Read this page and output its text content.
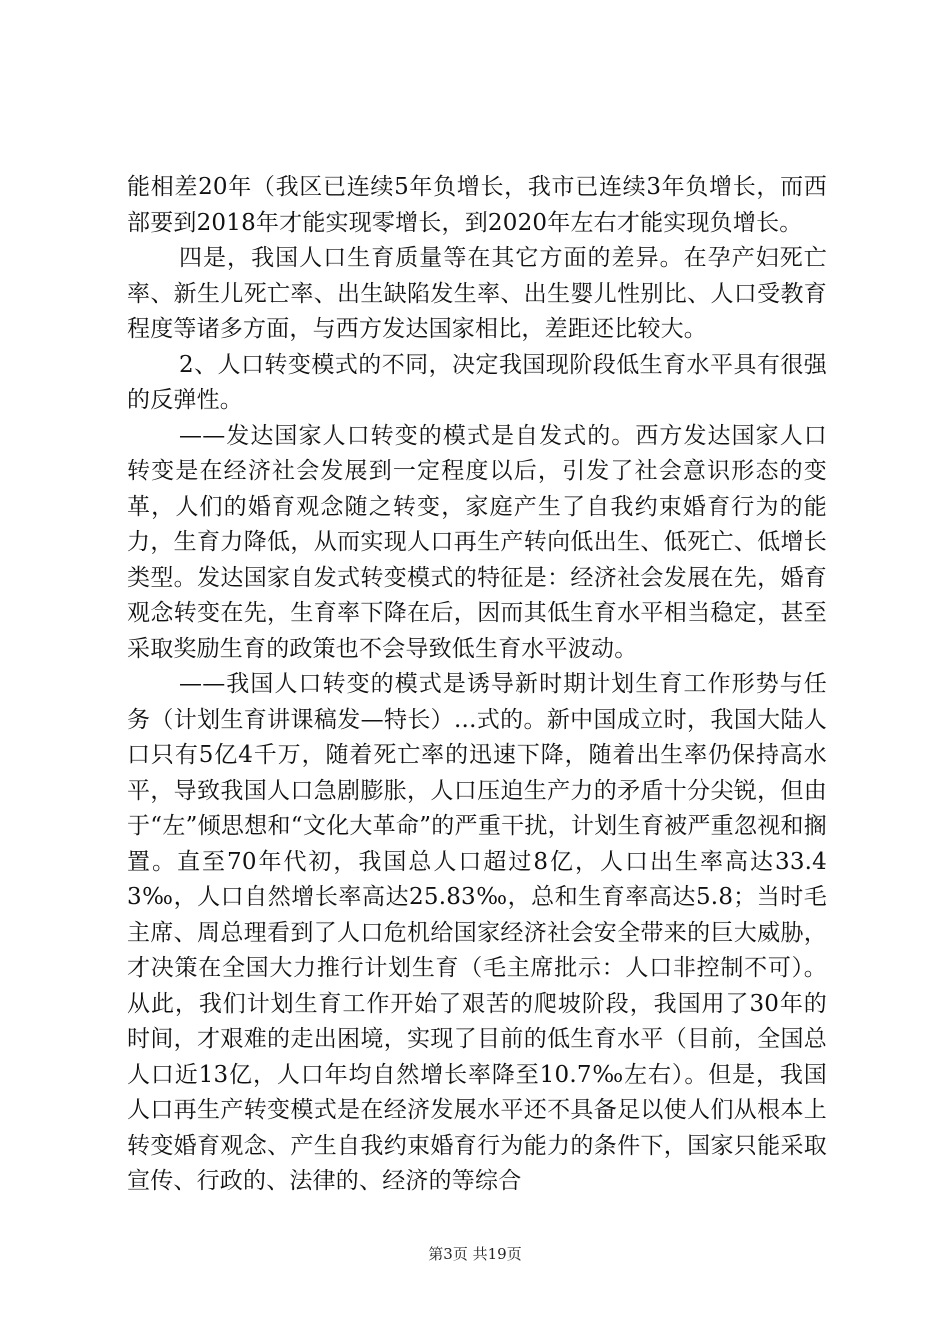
能相差20年（我区已连续5年负增长，我市已连续3年负增长，而西部要到2018年才能实现零增长，到2020年左右才能实现负增长。

四是，我国人口生育质量等在其它方面的差异。在孕产妇死亡率、新生儿死亡率、出生缺陷发生率、出生婴儿性别比、人口受教育程度等诸多方面，与西方发达国家相比，差距还比较大。

2、人口转变模式的不同，决定我国现阶段低生育水平具有很强的反弹性。

——发达国家人口转变的模式是自发式的。西方发达国家人口转变是在经济社会发展到一定程度以后，引发了社会意识形态的变革，人们的婚育观念随之转变，家庭产生了自我约束婚育行为的能力，生育力降低，从而实现人口再生产转向低出生、低死亡、低增长类型。发达国家自发式转变模式的特征是：经济社会发展在先，婚育观念转变在先，生育率下降在后，因而其低生育水平相当稳定，甚至采取奖励生育的政策也不会导致低生育水平波动。

——我国人口转变的模式是诱导新时期计划生育工作形势与任务（计划生育讲课稿发—特长）...式的。新中国成立时，我国大陆人口只有5亿4千万，随着死亡率的迅速下降，随着出生率仍保持高水平，导致我国人口急剧膨胀，人口压迫生产力的矛盾十分尖锐，但由于“左”倾思想和“文化大革命”的严重干扰，计划生育被严重忽视和搁置。直至70年代初，我国总人口超过8亿，人口出生率高达33.43‰，人口自然增长率高达25.83‰，总和生育率高达5.8；当时毛主席、周总理看到了人口危机给国家经济社会安全带来的巨大威胁，才决策在全国大力推行计划生育（毛主席批示：人口非控制不可）。从此，我们计划生育工作开始了艰苦的爬坡阶段，我国用了30年的时间，才艰难的走出困境，实现了目前的低生育水平（目前，全国总人口近13亿，人口年均自然增长率降至10.7‰左右）。但是，我国人口再生产转变模式是在经济发展水平还不具备足以使人们从根本上转变婚育观念、产生自我约束婚育行为能力的条件下，国家只能采取宣传、行政的、法律的、经济的等综合

第3页 共19页
